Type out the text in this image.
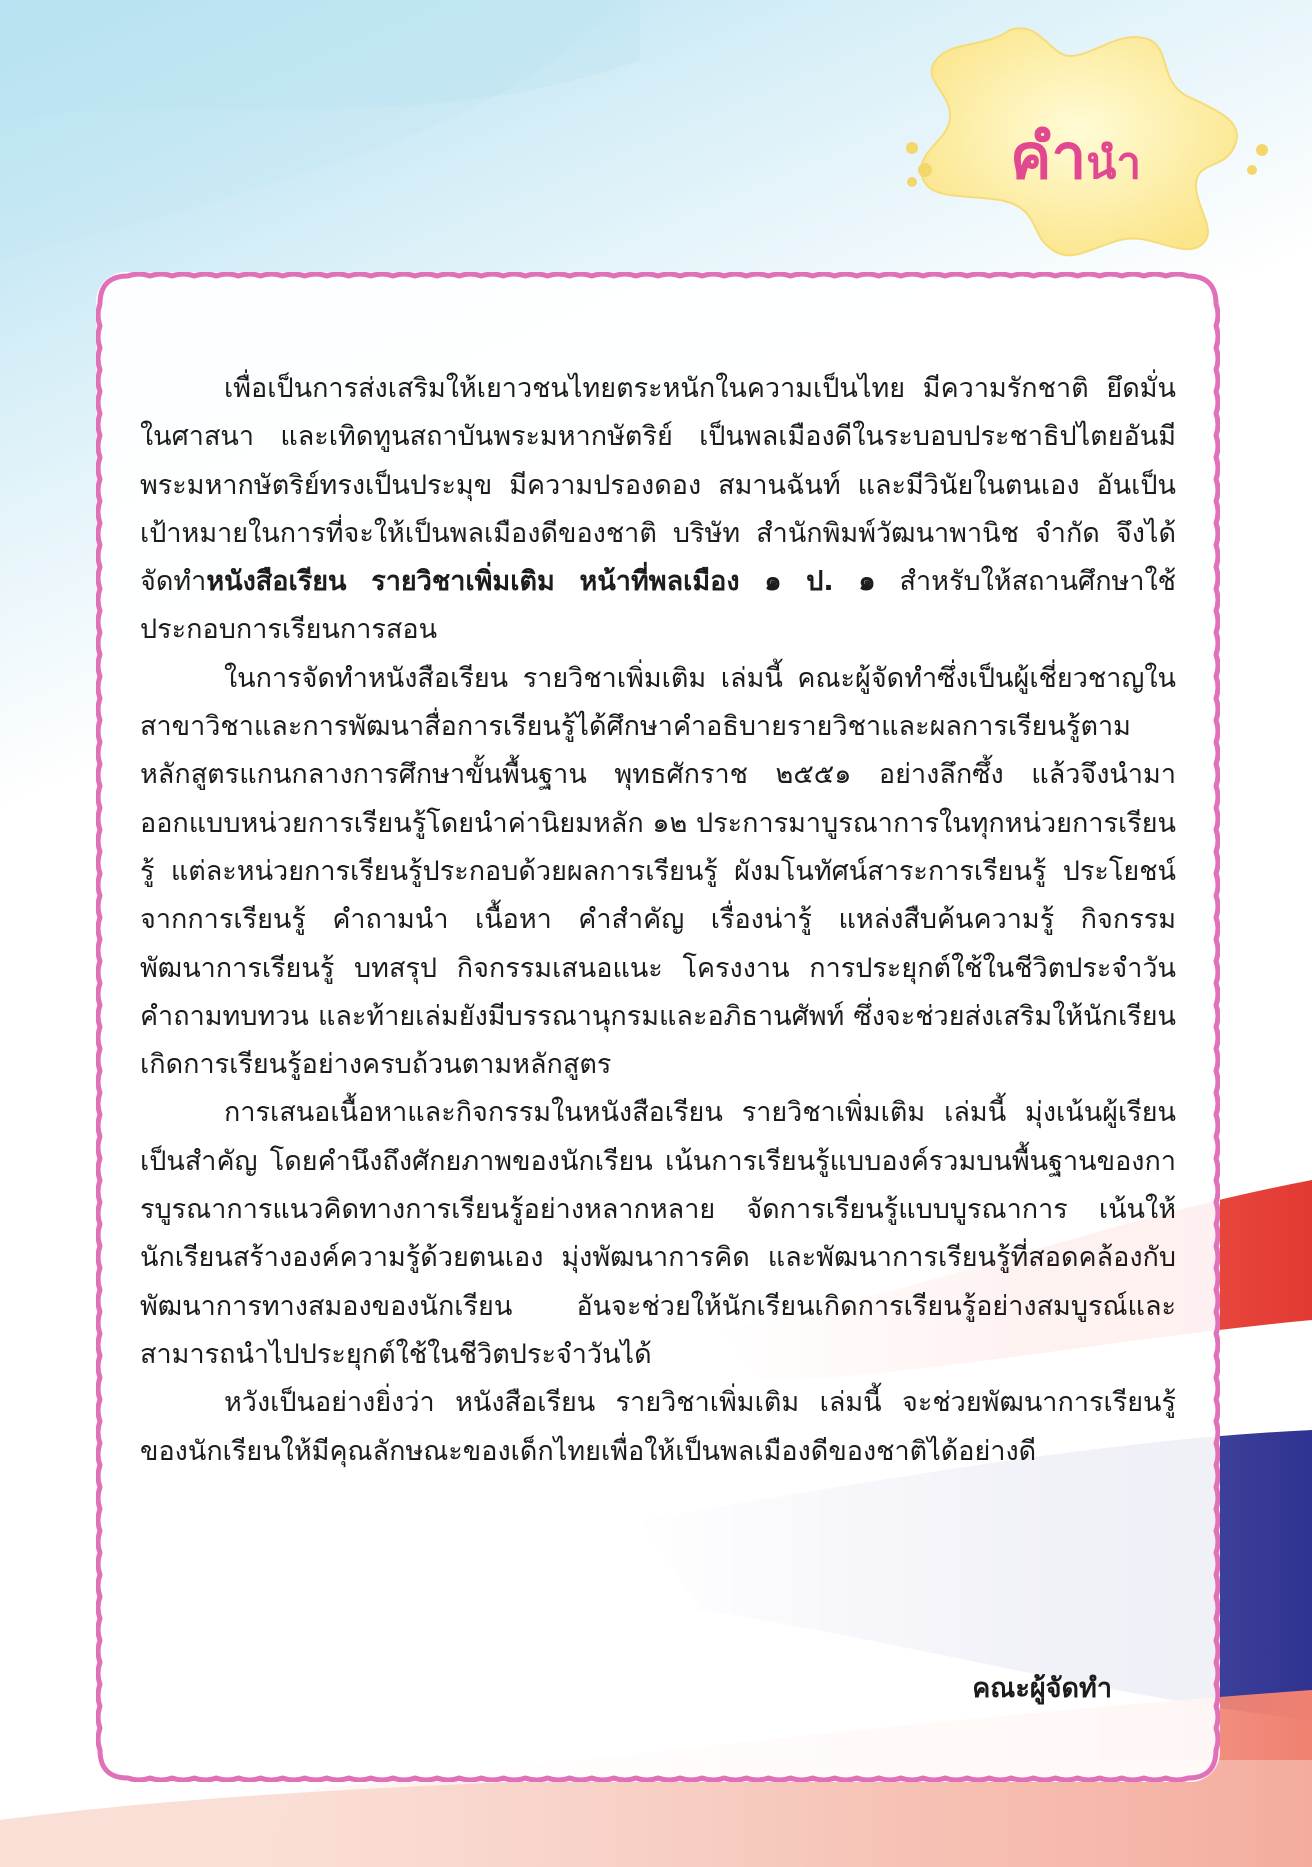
คำนำ

เพื่อเป็นการส่งเสริมให้เยาวชนไทยตระหนักในความเป็นไทย มีความรักชาติ ยึดมั่นในศาสนา และเทิดทูนสถาบันพระมหากษัตริย์ เป็นพลเมืองดีในระบอบประชาธิปไตยอันมีพระมหากษัตริย์ทรงเป็นประมุข มีความปรองดอง สมานฉันท์ และมีวินัยในตนเอง อันเป็นเป้าหมายในการที่จะให้เป็นพลเมืองดีของชาติ บริษัท สำนักพิมพ์วัฒนาพานิช จำกัด จึงได้จัดทำหนังสือเรียน รายวิชาเพิ่มเติม หน้าที่พลเมือง ๑ ป. ๑ สำหรับให้สถานศึกษาใช้ประกอบการเรียนการสอน

ในการจัดทำหนังสือเรียน รายวิชาเพิ่มเติม เล่มนี้ คณะผู้จัดทำซึ่งเป็นผู้เชี่ยวชาญในสาขาวิชาและการพัฒนาสื่อการเรียนรู้ได้ศึกษาคำอธิบายรายวิชาและผลการเรียนรู้ตามหลักสูตรแกนกลางการศึกษาขั้นพื้นฐาน พุทธศักราช ๒๕๕๑ อย่างลึกซึ้ง แล้วจึงนำมาออกแบบหน่วยการเรียนรู้โดยนำค่านิยมหลัก ๑๒ ประการมาบูรณาการในทุกหน่วยการเรียนรู้ แต่ละหน่วยการเรียนรู้ประกอบด้วยผลการเรียนรู้ ผังมโนทัศน์สาระการเรียนรู้ ประโยชน์จากการเรียนรู้ คำถามนำ เนื้อหา คำสำคัญ เรื่องน่ารู้ แหล่งสืบค้นความรู้ กิจกรรมพัฒนาการเรียนรู้ บทสรุป กิจกรรมเสนอแนะ โครงงาน การประยุกต์ใช้ในชีวิตประจำวัน คำถามทบทวน และท้ายเล่มยังมีบรรณานุกรมและอภิธานศัพท์ ซึ่งจะช่วยส่งเสริมให้นักเรียนเกิดการเรียนรู้อย่างครบถ้วนตามหลักสูตร

การเสนอเนื้อหาและกิจกรรมในหนังสือเรียน รายวิชาเพิ่มเติม เล่มนี้ มุ่งเน้นผู้เรียนเป็นสำคัญ โดยคำนึงถึงศักยภาพของนักเรียน เน้นการเรียนรู้แบบองค์รวมบนพื้นฐานของการบูรณาการแนวคิดทางการเรียนรู้อย่างหลากหลาย จัดการเรียนรู้แบบบูรณาการ เน้นให้นักเรียนสร้างองค์ความรู้ด้วยตนเอง มุ่งพัฒนาการคิด และพัฒนาการเรียนรู้ที่สอดคล้องกับพัฒนาการทางสมองของนักเรียน อันจะช่วยให้นักเรียนเกิดการเรียนรู้อย่างสมบูรณ์และสามารถนำไปประยุกต์ใช้ในชีวิตประจำวันได้

หวังเป็นอย่างยิ่งว่า หนังสือเรียน รายวิชาเพิ่มเติม เล่มนี้ จะช่วยพัฒนาการเรียนรู้ของนักเรียนให้มีคุณลักษณะของเด็กไทยเพื่อให้เป็นพลเมืองดีของชาติได้อย่างดี

คณะผู้จัดทำ
